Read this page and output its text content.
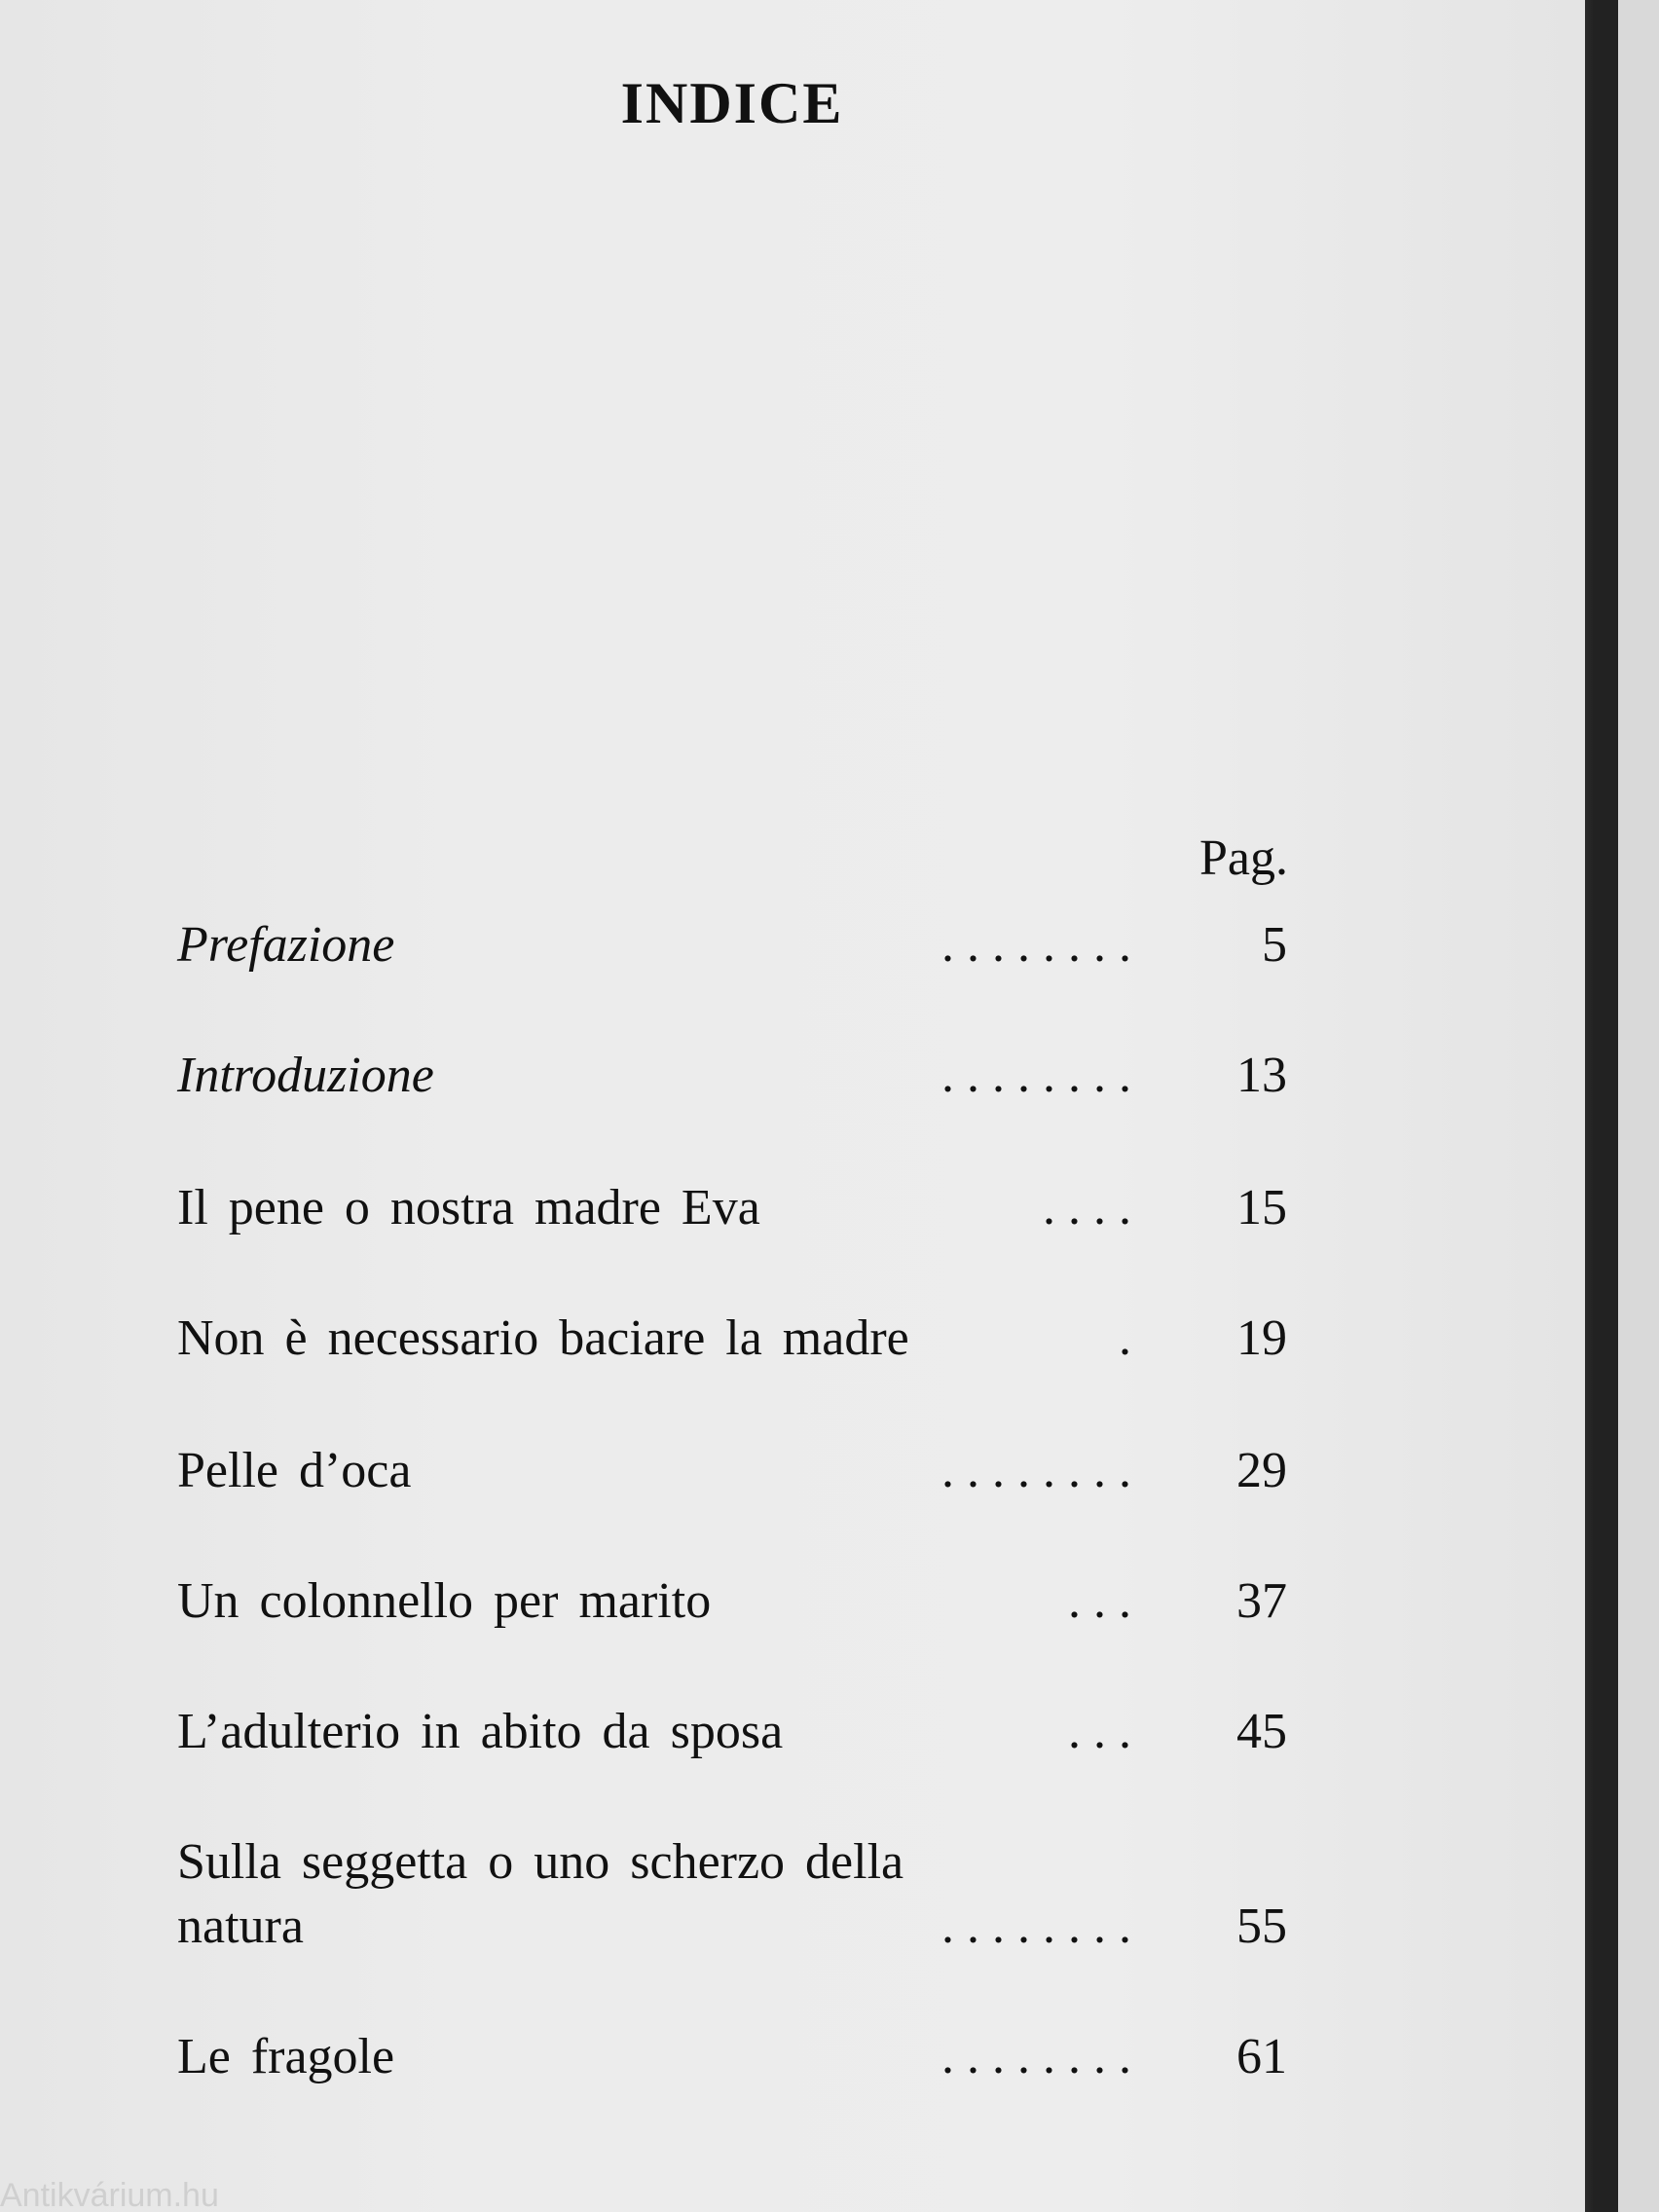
INDICE
Pag.
Prefazione	. . . . . . . .	5
Introduzione	. . . . . . . .	13
Il pene o nostra madre Eva	. . . .	15
Non è necessario baciare la madre	.	19
Pelle d’oca	. . . . . . . .	29
Un colonnello per marito	. . .	37
L’adulterio in abito da sposa	. . .	45
Sulla seggetta o uno scherzo della
natura	. . . . . . . .	55
Le fragole	. . . . . . . .	61
Antikvárium.hu
